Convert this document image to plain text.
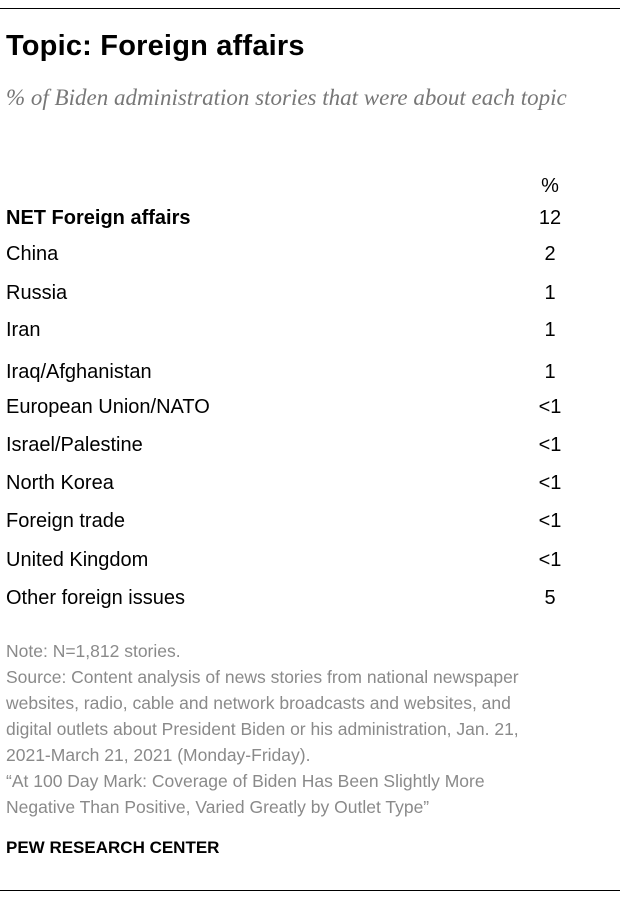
Topic: Foreign affairs
% of Biden administration stories that were about each topic
%
NET Foreign affairs	12
China	2
Russia	1
Iran	1
Iraq/Afghanistan	1
European Union/NATO	<1
Israel/Palestine	<1
North Korea	<1
Foreign trade	<1
United Kingdom	<1
Other foreign issues	5
Note: N=1,812 stories.
Source: Content analysis of news stories from national newspaper
websites, radio, cable and network broadcasts and websites, and
digital outlets about President Biden or his administration, Jan. 21,
2021-March 21, 2021 (Monday-Friday).
“At 100 Day Mark: Coverage of Biden Has Been Slightly More
Negative Than Positive, Varied Greatly by Outlet Type”
PEW RESEARCH CENTER
